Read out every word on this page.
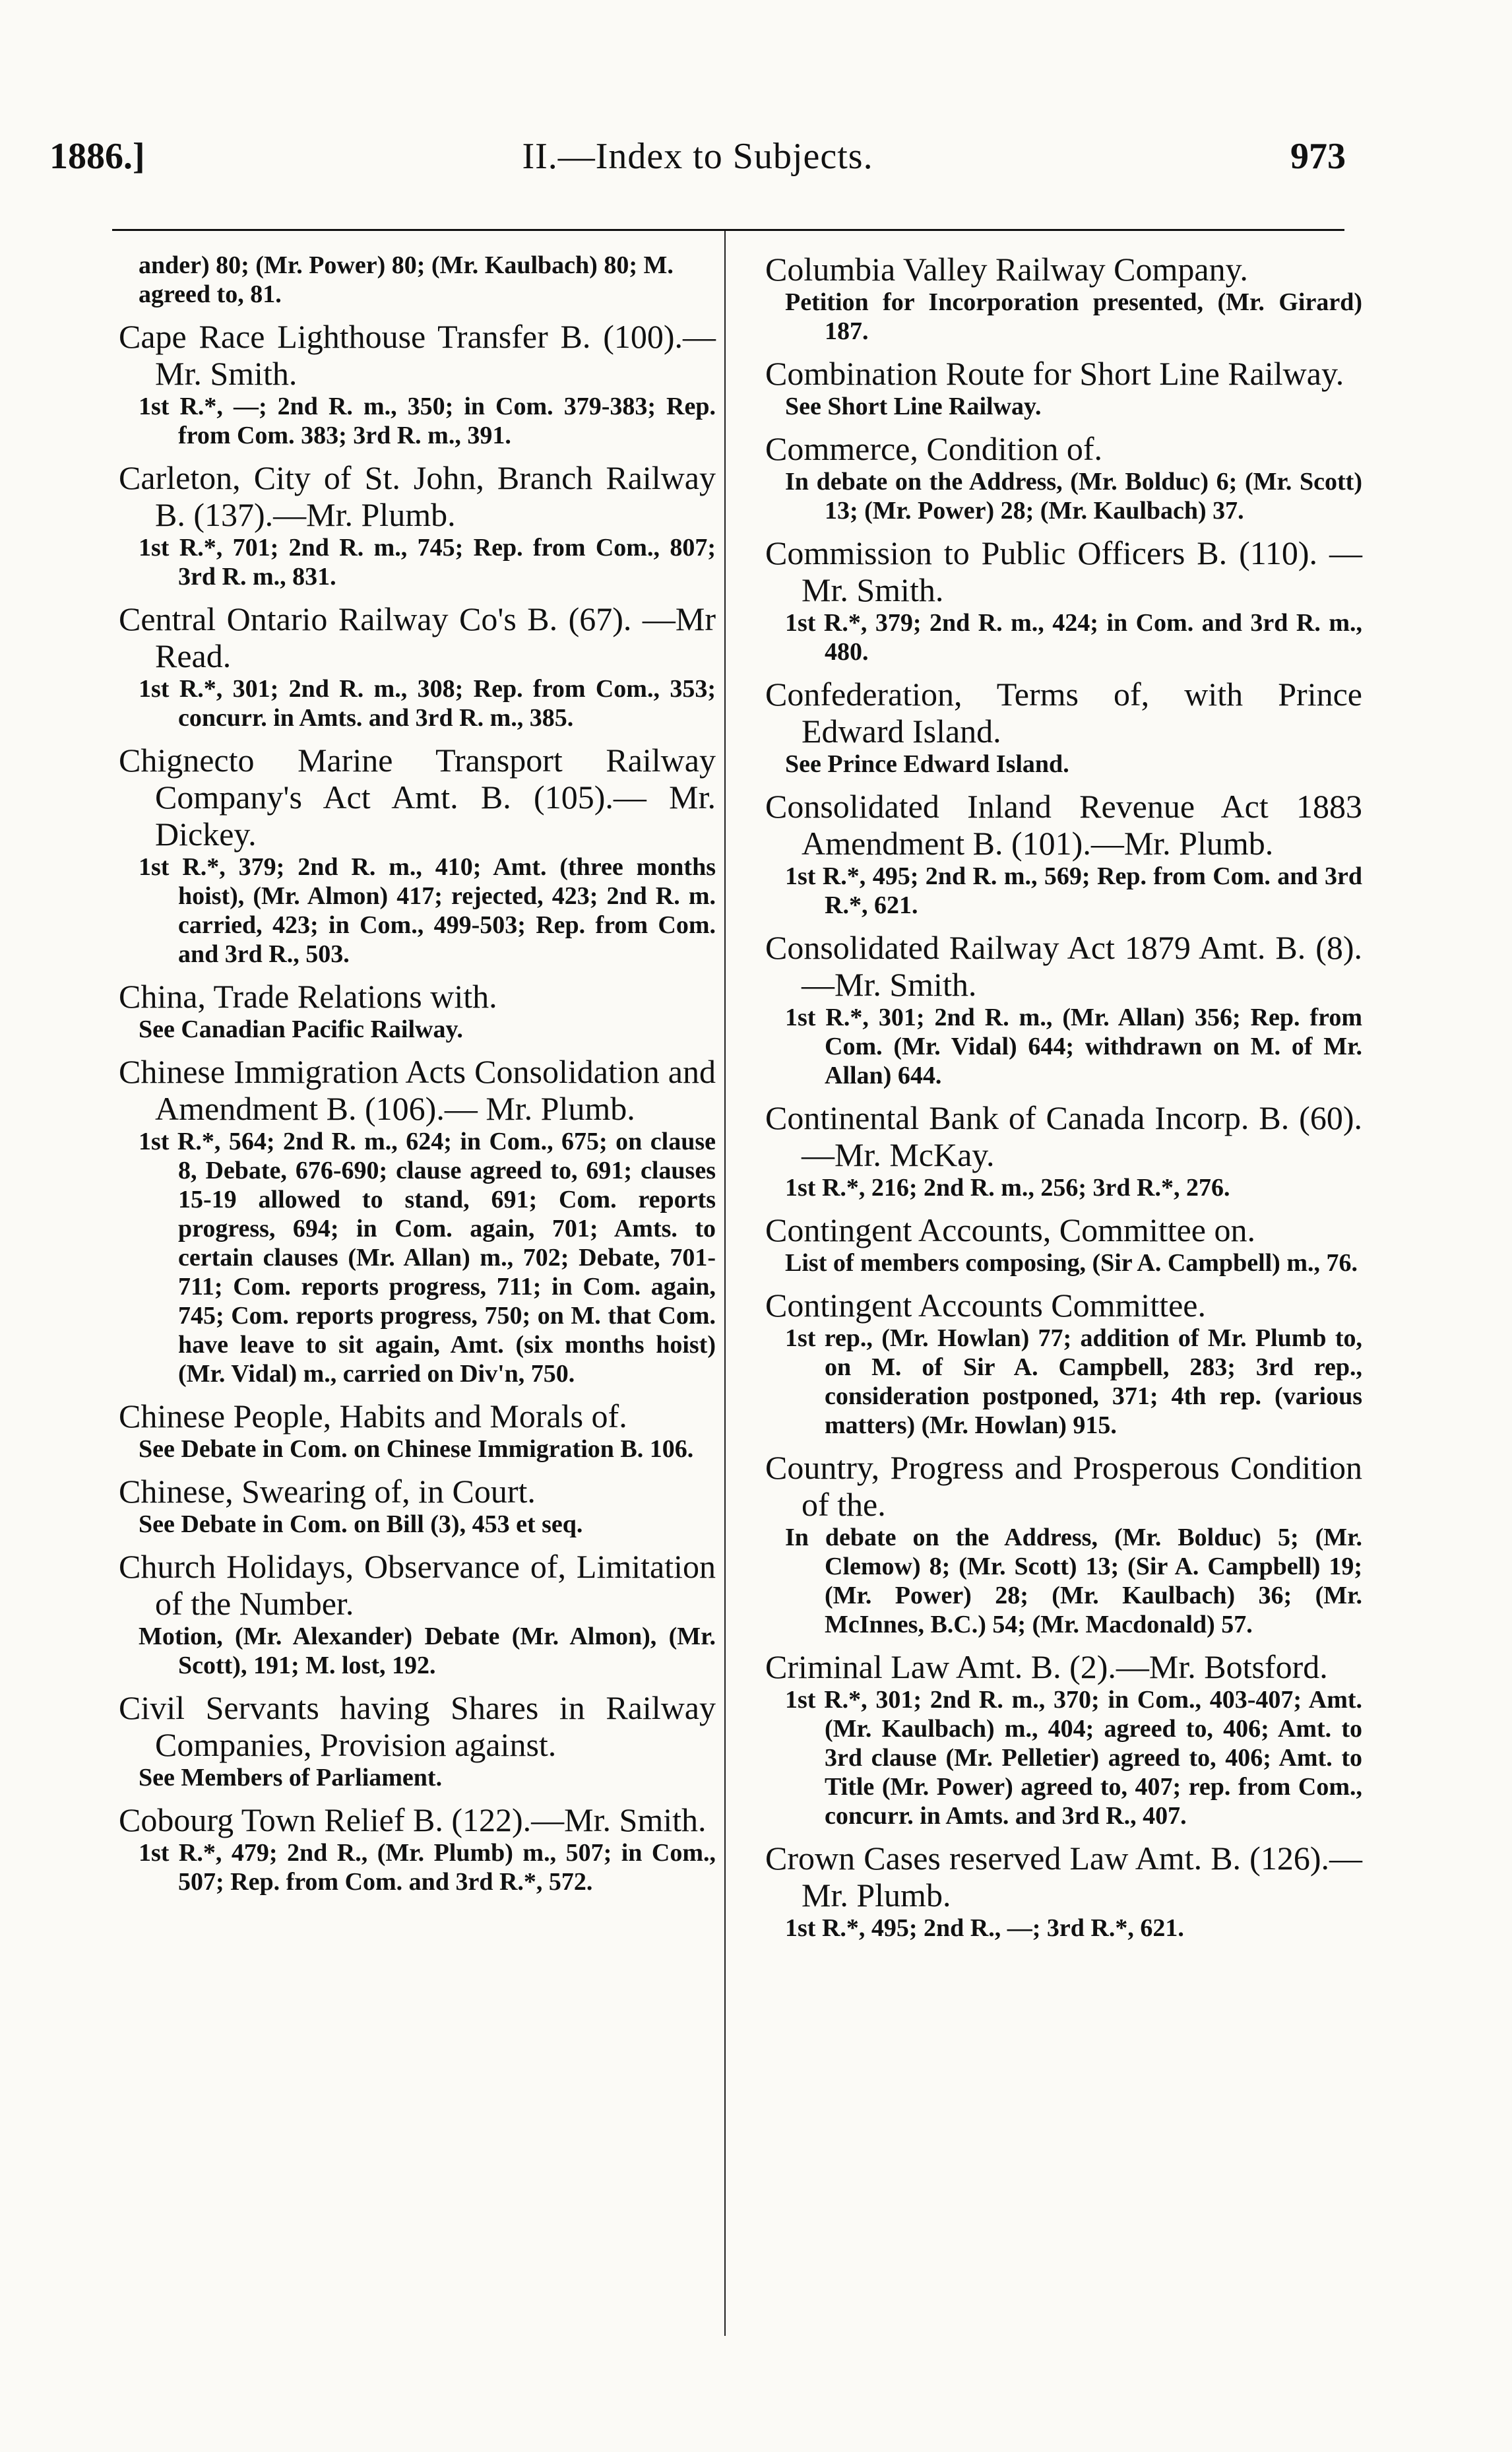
1886.]	II.—Index to Subjects.	973
ander) 80; (Mr. Power) 80; (Mr. Kaulbach) 80; M. agreed to, 81.
Cape Race Lighthouse Transfer B. (100).—Mr. Smith.
1st R.*, —; 2nd R. m., 350; in Com. 379-383; Rep. from Com. 383; 3rd R. m., 391.
Carleton, City of St. John, Branch Railway B. (137).—Mr. Plumb.
1st R.*, 701; 2nd R. m., 745; Rep. from Com., 807; 3rd R. m., 831.
Central Ontario Railway Co's B. (67). —Mr Read.
1st R.*, 301; 2nd R. m., 308; Rep. from Com., 353; concurr. in Amts. and 3rd R. m., 385.
Chignecto Marine Transport Railway Company's Act Amt. B. (105).— Mr. Dickey.
1st R.*, 379; 2nd R. m., 410; Amt. (three months hoist), (Mr. Almon) 417; rejected, 423; 2nd R. m. carried, 423; in Com., 499-503; Rep. from Com. and 3rd R., 503.
China, Trade Relations with.
See Canadian Pacific Railway.
Chinese Immigration Acts Consolidation and Amendment B. (106).— Mr. Plumb.
1st R.*, 564; 2nd R. m., 624; in Com., 675; on clause 8, Debate, 676-690; clause agreed to, 691; clauses 15-19 allowed to stand, 691; Com. reports progress, 694; in Com. again, 701; Amts. to certain clauses (Mr. Allan) m., 702; Debate, 701-711; Com. reports progress, 711; in Com. again, 745; Com. reports progress, 750; on M. that Com. have leave to sit again, Amt. (six months hoist) (Mr. Vidal) m., carried on Div'n, 750.
Chinese People, Habits and Morals of.
See Debate in Com. on Chinese Immigration B. 106.
Chinese, Swearing of, in Court.
See Debate in Com. on Bill (3), 453 et seq.
Church Holidays, Observance of, Limitation of the Number.
Motion, (Mr. Alexander) Debate (Mr. Almon), (Mr. Scott), 191; M. lost, 192.
Civil Servants having Shares in Railway Companies, Provision against.
See Members of Parliament.
Cobourg Town Relief B. (122).—Mr. Smith.
1st R.*, 479; 2nd R., (Mr. Plumb) m., 507; in Com., 507; Rep. from Com. and 3rd R.*, 572.
Columbia Valley Railway Company.
Petition for Incorporation presented, (Mr. Girard) 187.
Combination Route for Short Line Railway.
See Short Line Railway.
Commerce, Condition of.
In debate on the Address, (Mr. Bolduc) 6; (Mr. Scott) 13; (Mr. Power) 28; (Mr. Kaulbach) 37.
Commission to Public Officers B. (110). —Mr. Smith.
1st R.*, 379; 2nd R. m., 424; in Com. and 3rd R. m., 480.
Confederation, Terms of, with Prince Edward Island.
See Prince Edward Island.
Consolidated Inland Revenue Act 1883 Amendment B. (101).—Mr. Plumb.
1st R.*, 495; 2nd R. m., 569; Rep. from Com. and 3rd R.*, 621.
Consolidated Railway Act 1879 Amt. B. (8).—Mr. Smith.
1st R.*, 301; 2nd R. m., (Mr. Allan) 356; Rep. from Com. (Mr. Vidal) 644; withdrawn on M. of Mr. Allan) 644.
Continental Bank of Canada Incorp. B. (60).—Mr. McKay.
1st R.*, 216; 2nd R. m., 256; 3rd R.*, 276.
Contingent Accounts, Committee on.
List of members composing, (Sir A. Campbell) m., 76.
Contingent Accounts Committee.
1st rep., (Mr. Howlan) 77; addition of Mr. Plumb to, on M. of Sir A. Campbell, 283; 3rd rep., consideration postponed, 371; 4th rep. (various matters) (Mr. Howlan) 915.
Country, Progress and Prosperous Condition of the.
In debate on the Address, (Mr. Bolduc) 5; (Mr. Clemow) 8; (Mr. Scott) 13; (Sir A. Campbell) 19; (Mr. Power) 28; (Mr. Kaulbach) 36; (Mr. McInnes, B.C.) 54; (Mr. Macdonald) 57.
Criminal Law Amt. B. (2).—Mr. Botsford.
1st R.*, 301; 2nd R. m., 370; in Com., 403-407; Amt. (Mr. Kaulbach) m., 404; agreed to, 406; Amt. to 3rd clause (Mr. Pelletier) agreed to, 406; Amt. to Title (Mr. Power) agreed to, 407; rep. from Com., concurr. in Amts. and 3rd R., 407.
Crown Cases reserved Law Amt. B. (126).—Mr. Plumb.
1st R.*, 495; 2nd R., —; 3rd R.*, 621.
